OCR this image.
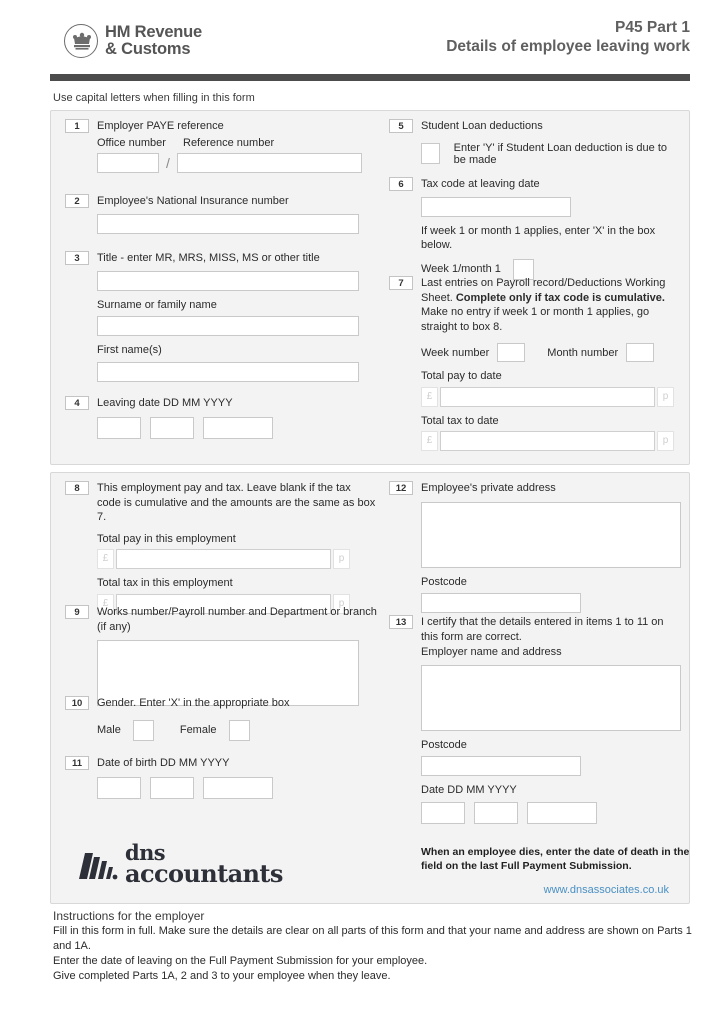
HM Revenue
& Customs
P45 Part 1
Details of employee leaving work
Use capital letters when filling in this form
1	Employer PAYE reference
Office number	Reference number
/
2	Employee's National Insurance number
3	Title - enter MR, MRS, MISS, MS or other title
Surname or family name
First name(s)
4	Leaving date DD MM YYYY
5	Student Loan deductions
Enter 'Y' if Student Loan deduction is due to be made
6	Tax code at leaving date
If week 1 or month 1 applies, enter 'X' in the box below.
Week 1/month 1
7	Last entries on Payroll record/Deductions Working Sheet. Complete only if tax code is cumulative. Make no entry if week 1 or month 1 applies, go straight to box 8.
Week number	Month number
Total pay to date
£	p
Total tax to date
£	p
8	This employment pay and tax. Leave blank if the tax code is cumulative and the amounts are the same as box 7.
Total pay in this employment
£	p
Total tax in this employment
£	p
9	Works number/Payroll number and Department or branch (if any)
10	Gender. Enter 'X' in the appropriate box
Male	Female
11	Date of birth DD MM YYYY
dns
accountants
12	Employee's private address
Postcode
13	I certify that the details entered in items 1 to 11 on this form are correct.
Employer name and address
Postcode
Date DD MM YYYY
When an employee dies, enter the date of death in the field on the last Full Payment Submission.
www.dnsassociates.co.uk
Instructions for the employer
Fill in this form in full. Make sure the details are clear on all parts of this form and that your name and address are shown on Parts 1 and 1A.
Enter the date of leaving on the Full Payment Submission for your employee.
Give completed Parts 1A, 2 and 3 to your employee when they leave.
